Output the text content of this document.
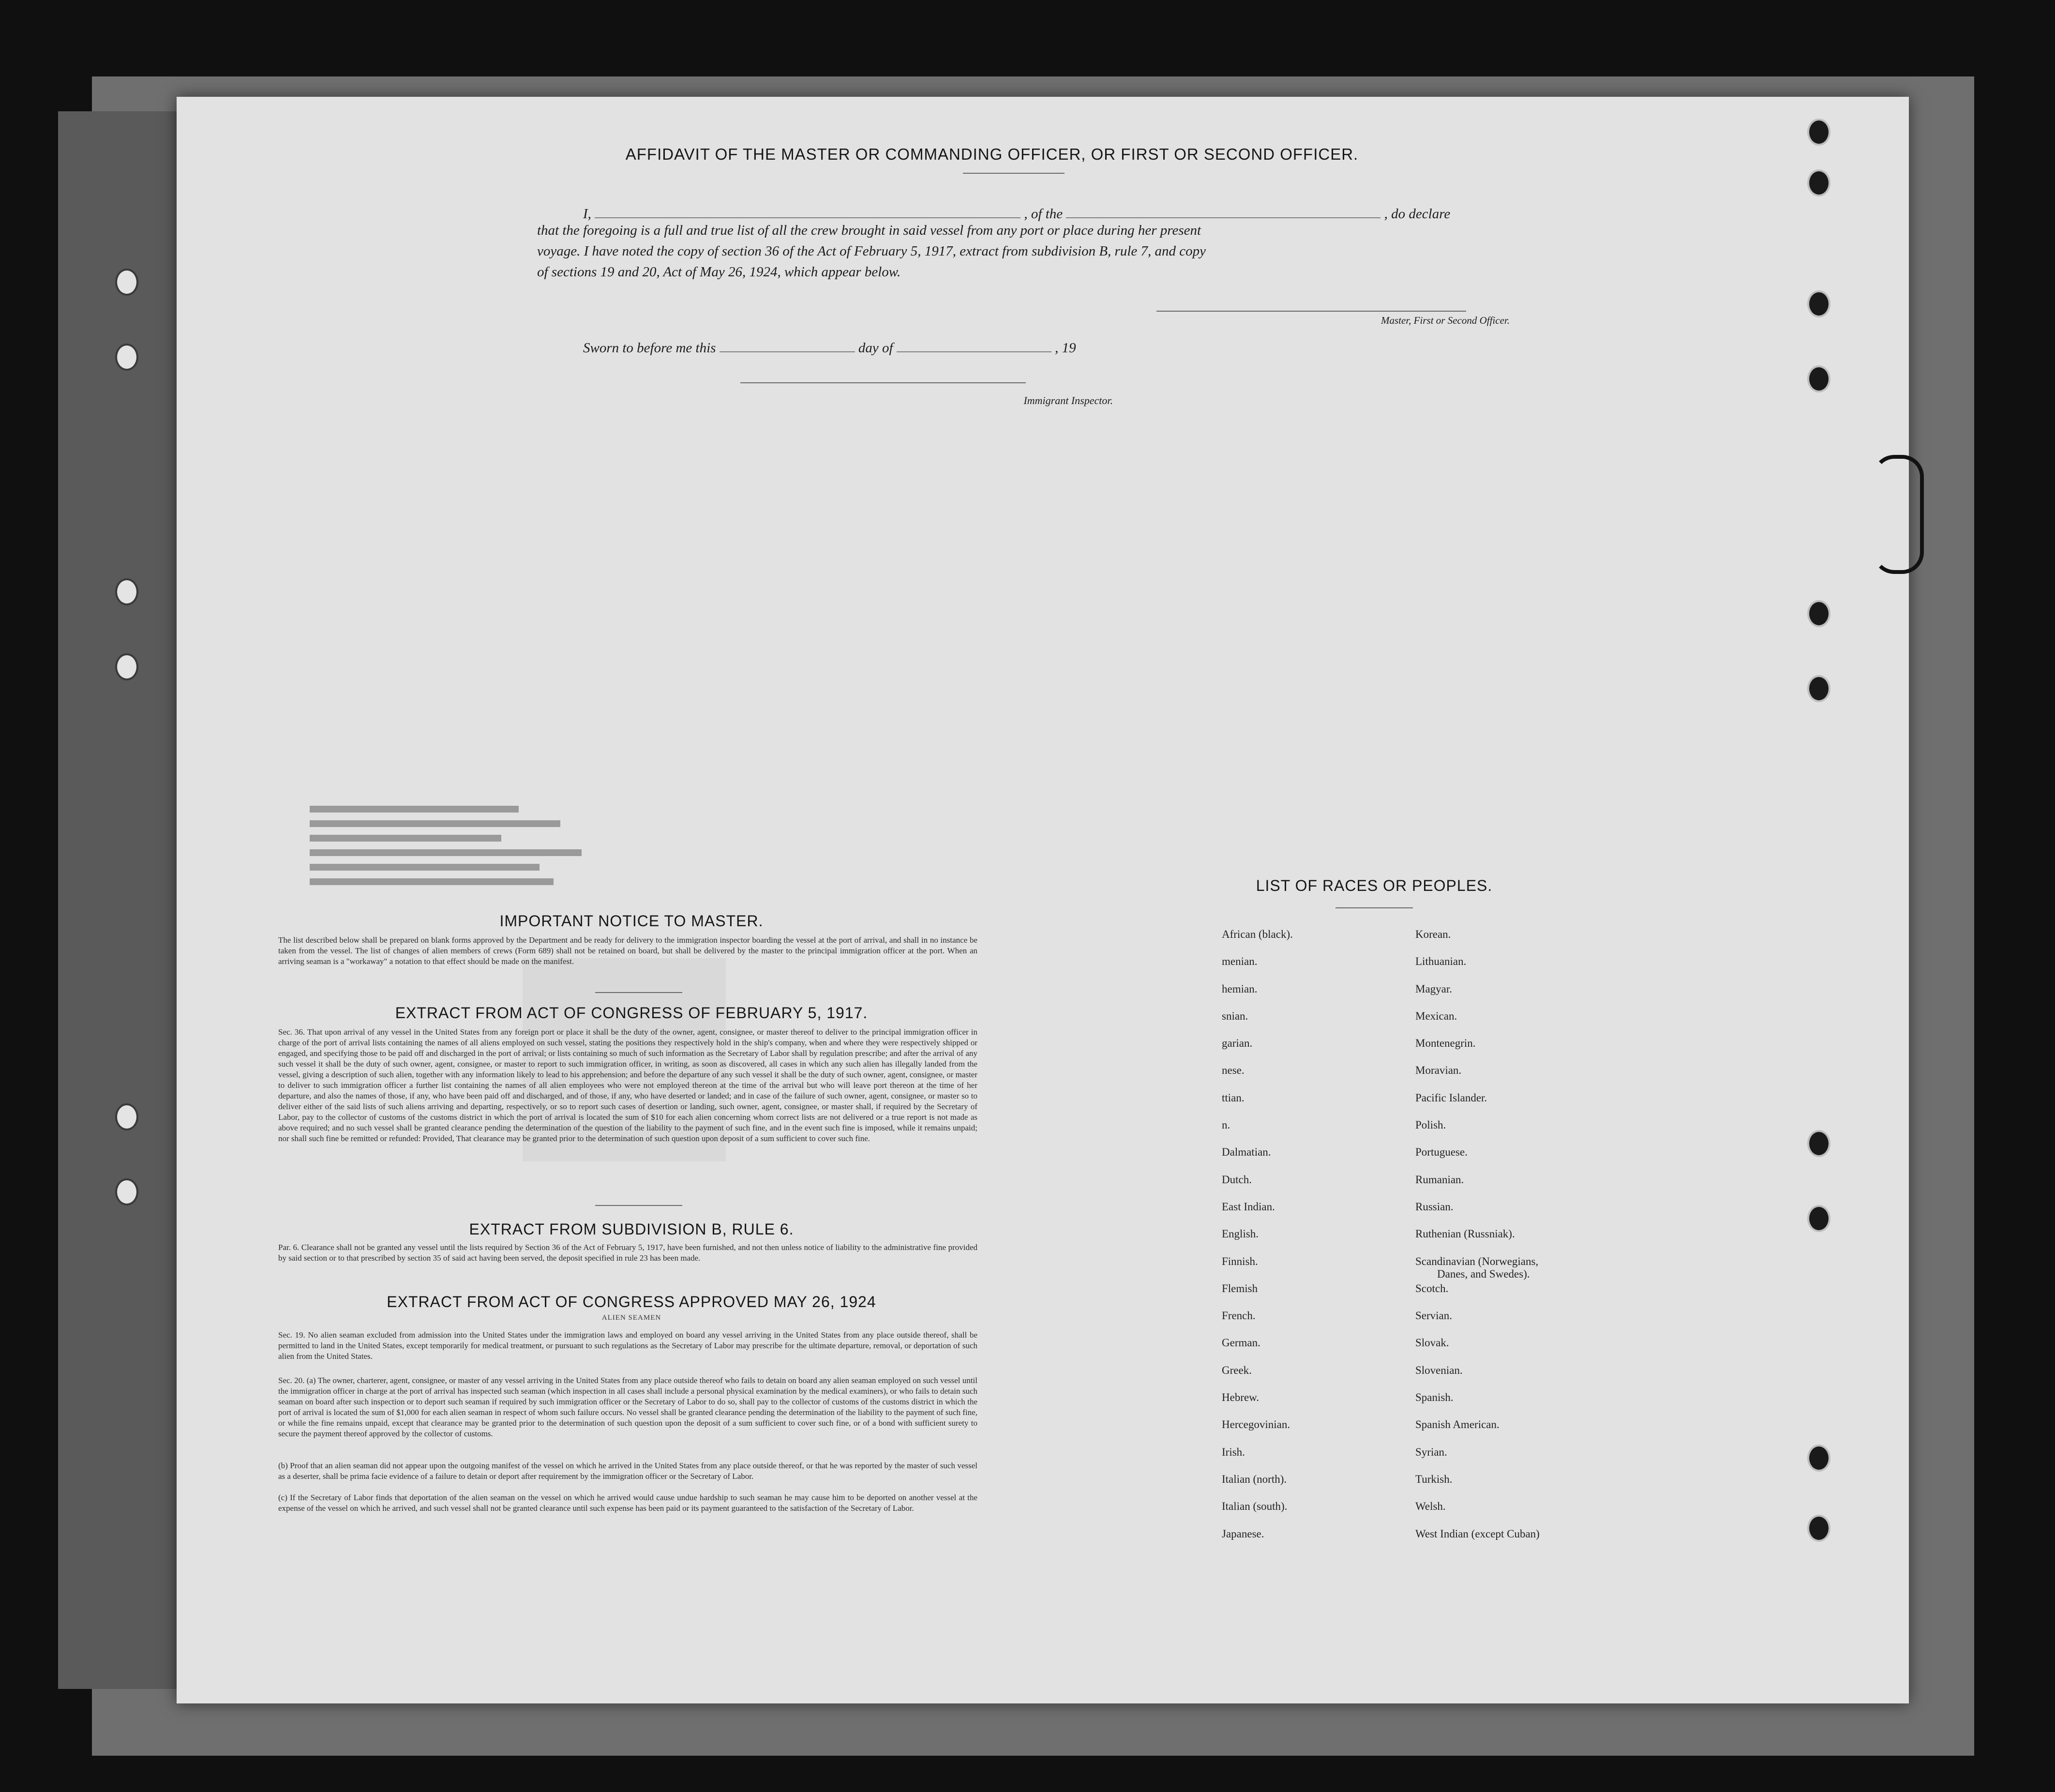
AFFIDAVIT OF THE MASTER OR COMMANDING OFFICER, OR FIRST OR SECOND OFFICER.
I,	, of the	, do declare
that the foregoing is a full and true list of all the crew brought in said vessel from any port or place during her present
voyage. I have noted the copy of section 36 of the Act of February 5, 1917, extract from subdivision B, rule 7, and copy
of sections 19 and 20, Act of May 26, 1924, which appear below.
Master, First or Second Officer.
Sworn to before me this	day of	, 19
Immigrant Inspector.
IMPORTANT NOTICE TO MASTER.
The list described below shall be prepared on blank forms approved by the Department and be ready for delivery to the immigration inspector boarding the vessel at the port of arrival, and shall in no instance be taken from the vessel. The list of changes of alien members of crews (Form 689) shall not be retained on board, but shall be delivered by the master to the principal immigration officer at the port. When an arriving seaman is a "workaway" a notation to that effect should be made on the manifest.
EXTRACT FROM ACT OF CONGRESS OF FEBRUARY 5, 1917.
Sec. 36. That upon arrival of any vessel in the United States from any foreign port or place it shall be the duty of the owner, agent, consignee, or master thereof to deliver to the principal immigration officer in charge of the port of arrival lists containing the names of all aliens employed on such vessel, stating the positions they respectively hold in the ship's company, when and where they were respectively shipped or engaged, and specifying those to be paid off and discharged in the port of arrival; or lists containing so much of such information as the Secretary of Labor shall by regulation prescribe; and after the arrival of any such vessel it shall be the duty of such owner, agent, consignee, or master to report to such immigration officer, in writing, as soon as discovered, all cases in which any such alien has illegally landed from the vessel, giving a description of such alien, together with any information likely to lead to his apprehension; and before the departure of any such vessel it shall be the duty of such owner, agent, consignee, or master to deliver to such immigration officer a further list containing the names of all alien employees who were not employed thereon at the time of the arrival but who will leave port thereon at the time of her departure, and also the names of those, if any, who have been paid off and discharged, and of those, if any, who have deserted or landed; and in case of the failure of such owner, agent, consignee, or master so to deliver either of the said lists of such aliens arriving and departing, respectively, or so to report such cases of desertion or landing, such owner, agent, consignee, or master shall, if required by the Secretary of Labor, pay to the collector of customs of the customs district in which the port of arrival is located the sum of $10 for each alien concerning whom correct lists are not delivered or a true report is not made as above required; and no such vessel shall be granted clearance pending the determination of the question of the liability to the payment of such fine, and in the event such fine is imposed, while it remains unpaid; nor shall such fine be remitted or refunded: Provided, That clearance may be granted prior to the determination of such question upon deposit of a sum sufficient to cover such fine.
EXTRACT FROM SUBDIVISION B, RULE 6.
Par. 6. Clearance shall not be granted any vessel until the lists required by Section 36 of the Act of February 5, 1917, have been furnished, and not then unless notice of liability to the administrative fine provided by said section or to that prescribed by section 35 of said act having been served, the deposit specified in rule 23 has been made.
EXTRACT FROM ACT OF CONGRESS APPROVED MAY 26, 1924
ALIEN SEAMEN
Sec. 19. No alien seaman excluded from admission into the United States under the immigration laws and employed on board any vessel arriving in the United States from any place outside thereof, shall be permitted to land in the United States, except temporarily for medical treatment, or pursuant to such regulations as the Secretary of Labor may prescribe for the ultimate departure, removal, or deportation of such alien from the United States.
Sec. 20. (a) The owner, charterer, agent, consignee, or master of any vessel arriving in the United States from any place outside thereof who fails to detain on board any alien seaman employed on such vessel until the immigration officer in charge at the port of arrival has inspected such seaman (which inspection in all cases shall include a personal physical examination by the medical examiners), or who fails to detain such seaman on board after such inspection or to deport such seaman if required by such immigration officer or the Secretary of Labor to do so, shall pay to the collector of customs of the customs district in which the port of arrival is located the sum of $1,000 for each alien seaman in respect of whom such failure occurs. No vessel shall be granted clearance pending the determination of the liability to the payment of such fine, or while the fine remains unpaid, except that clearance may be granted prior to the determination of such question upon the deposit of a sum sufficient to cover such fine, or of a bond with sufficient surety to secure the payment thereof approved by the collector of customs.
(b) Proof that an alien seaman did not appear upon the outgoing manifest of the vessel on which he arrived in the United States from any place outside thereof, or that he was reported by the master of such vessel as a deserter, shall be prima facie evidence of a failure to detain or deport after requirement by the immigration officer or the Secretary of Labor.
(c) If the Secretary of Labor finds that deportation of the alien seaman on the vessel on which he arrived would cause undue hardship to such seaman he may cause him to be deported on another vessel at the expense of the vessel on which he arrived, and such vessel shall not be granted clearance until such expense has been paid or its payment guaranteed to the satisfaction of the Secretary of Labor.
LIST OF RACES OR PEOPLES.
African (black).
menian.
hemian.
snian.
garian.
nese.
ttian.
n.
Dalmatian.
Dutch.
East Indian.
English.
Finnish.
Flemish
French.
German.
Greek.
Hebrew.
Hercegovinian.
Irish.
Italian (north).
Italian (south).
Japanese.
Korean.
Lithuanian.
Magyar.
Mexican.
Montenegrin.
Moravian.
Pacific Islander.
Polish.
Portuguese.
Rumanian.
Russian.
Ruthenian (Russniak).
Scandinavian (Norwegians,
Danes, and Swedes).
Scotch.
Servian.
Slovak.
Slovenian.
Spanish.
Spanish American.
Syrian.
Turkish.
Welsh.
West Indian (except Cuban)
